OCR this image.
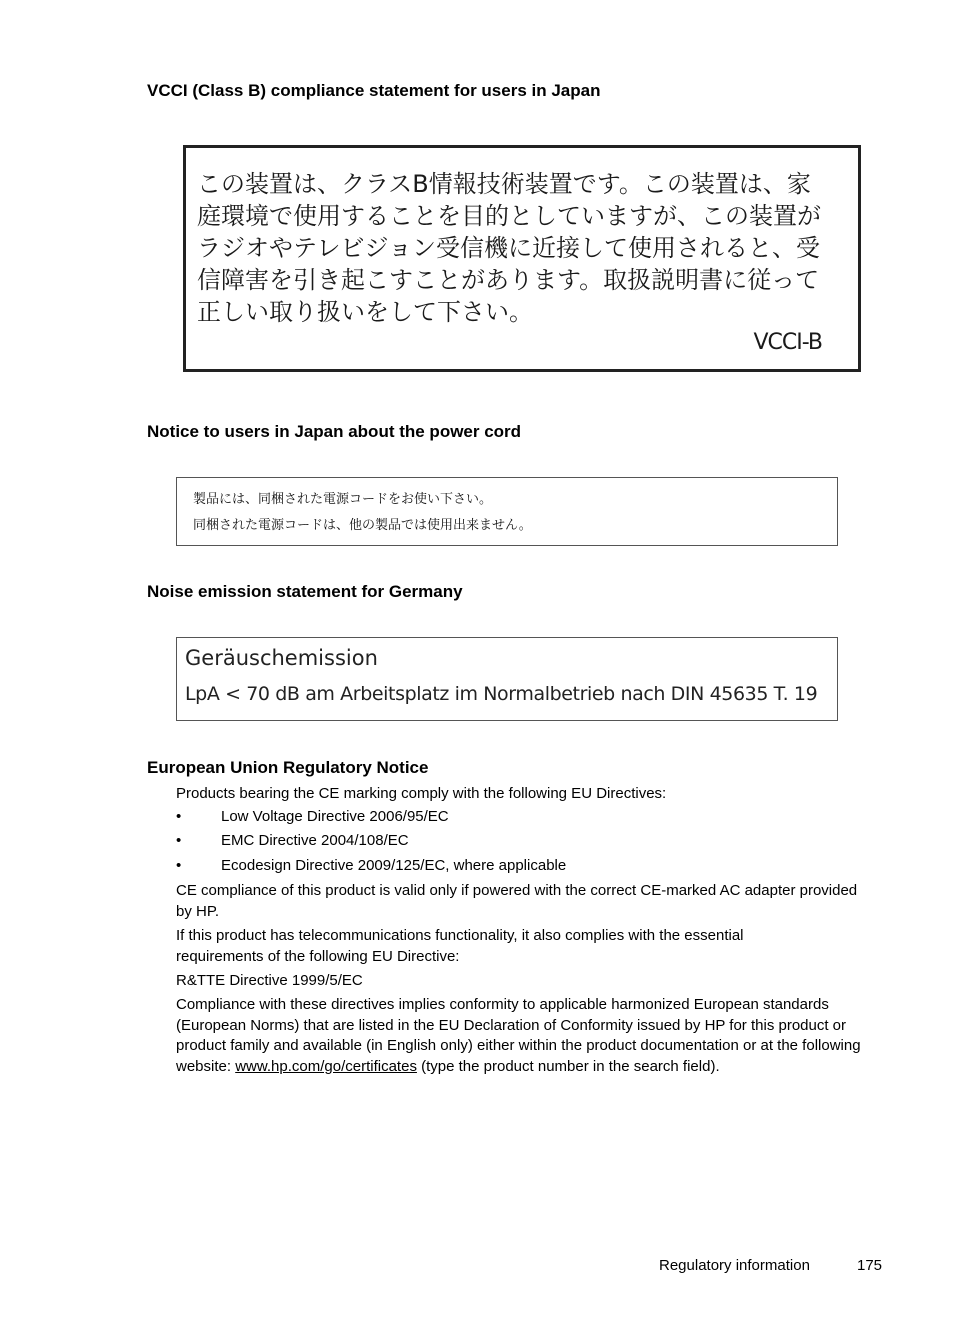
VCCI (Class B) compliance statement for users in Japan
この装置は、クラスB情報技術装置です。この装置は、家
庭環境で使用することを目的としていますが、この装置が
ラジオやテレビジョン受信機に近接して使用されると、受
信障害を引き起こすことがあります。取扱説明書に従って
正しい取り扱いをして下さい。
VCCI-B
Notice to users in Japan about the power cord
製品には、同梱された電源コードをお使い下さい。
同梱された電源コードは、他の製品では使用出来ません。
Noise emission statement for Germany
Geräuschemission
LpA < 70 dB am Arbeitsplatz im Normalbetrieb nach DIN 45635 T. 19
European Union Regulatory Notice

Products bearing the CE marking comply with the following EU Directives:

•	Low Voltage Directive 2006/95/EC
•	EMC Directive 2004/108/EC
•	Ecodesign Directive 2009/125/EC, where applicable

CE compliance of this product is valid only if powered with the correct CE-marked AC adapter provided by HP.

If this product has telecommunications functionality, it also complies with the essential requirements of the following EU Directive:

R&TTE Directive 1999/5/EC

Compliance with these directives implies conformity to applicable harmonized European standards (European Norms) that are listed in the EU Declaration of Conformity issued by HP for this product or product family and available (in English only) either within the product documentation or at the following website: www.hp.com/go/certificates (type the product number in the search field).

Regulatory information	175
